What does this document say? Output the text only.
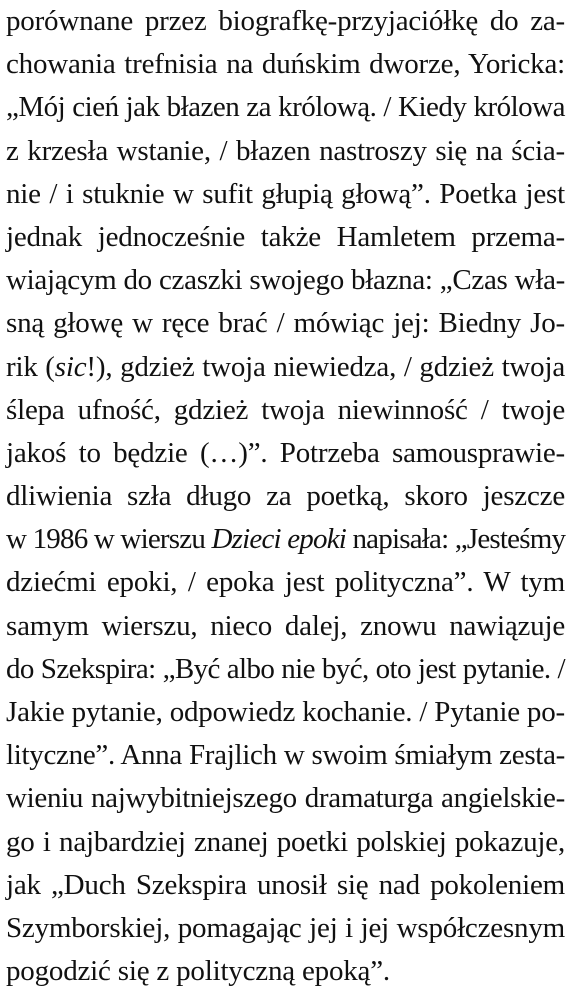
porównane przez biografkę-przyjaciółkę do za-
chowania trefnisia na duńskim dworze, Yoricka:
„Mój cień jak błazen za królową. / Kiedy królowa
z krzesła wstanie, / błazen nastroszy się na ścia-
nie / i stuknie w sufit głupią głową”. Poetka jest
jednak jednocześnie także Hamletem przema-
wiającym do czaszki swojego błazna: „Czas wła-
sną głowę w ręce brać / mówiąc jej: Biedny Jo-
rik (sic!), gdzież twoja niewiedza, / gdzież twoja
ślepa ufność, gdzież twoja niewinność / twoje
jakoś to będzie (…)”. Potrzeba samousprawie-
dliwienia szła długo za poetką, skoro jeszcze
w 1986 w wierszu Dzieci epoki napisała: „Jesteśmy
dziećmi epoki, / epoka jest polityczna”. W tym
samym wierszu, nieco dalej, znowu nawiązuje
do Szekspira: „Być albo nie być, oto jest pytanie. /
Jakie pytanie, odpowiedz kochanie. / Pytanie po-
lityczne”. Anna Frajlich w swoim śmiałym zesta-
wieniu najwybitniejszego dramaturga angielskie-
go i najbardziej znanej poetki polskiej pokazuje,
jak „Duch Szekspira unosił się nad pokoleniem
Szymborskiej, pomagając jej i jej współczesnym
pogodzić się z polityczną epoką”.
